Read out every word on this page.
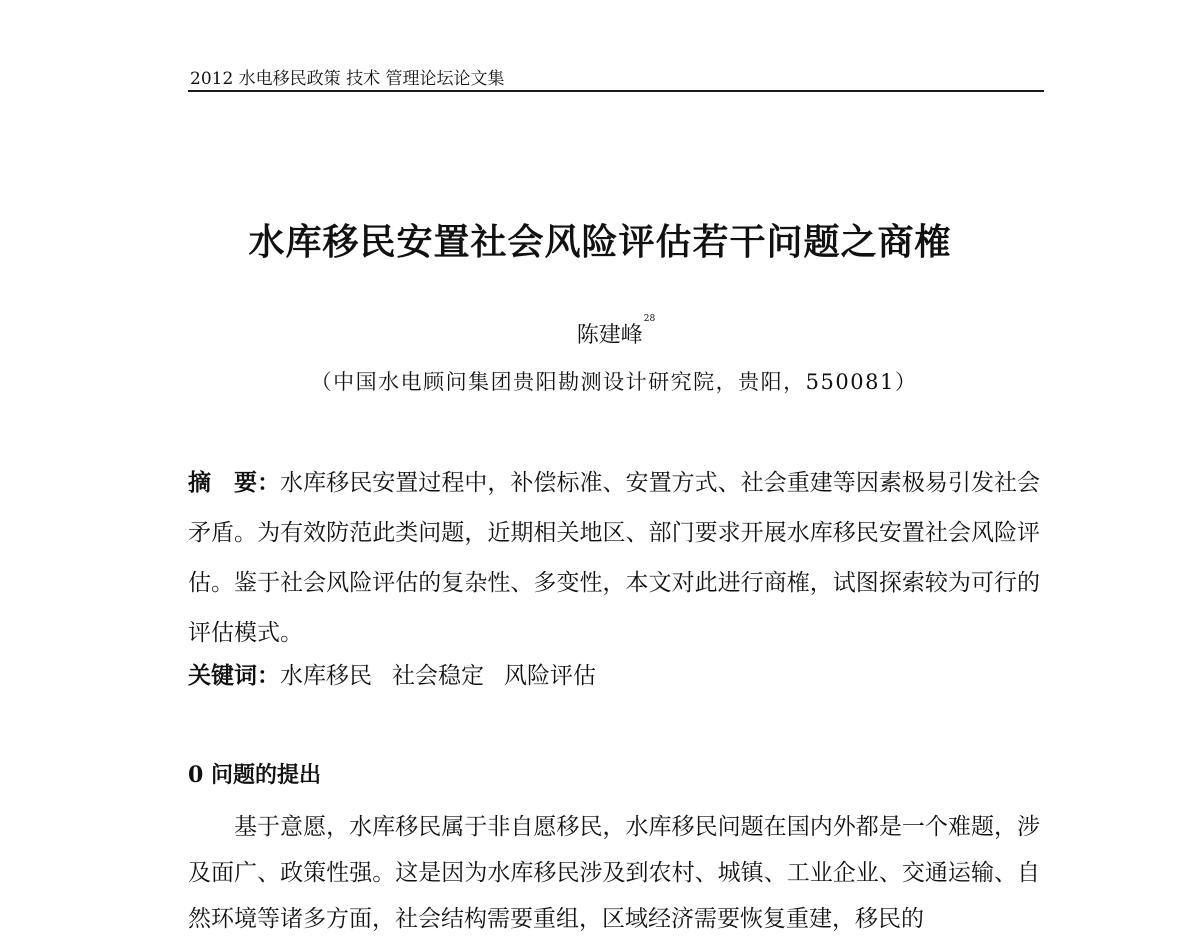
2012 水电移民政策 技术 管理论坛论文集
水库移民安置社会风险评估若干问题之商榷
陈建峰$^{28}$
（中国水电顾问集团贵阳勘测设计研究院，贵阳，550081）
摘　要：水库移民安置过程中，补偿标准、安置方式、社会重建等因素极易引发社会矛盾。为有效防范此类问题，近期相关地区、部门要求开展水库移民安置社会风险评估。鉴于社会风险评估的复杂性、多变性，本文对此进行商榷，试图探索较为可行的评估模式。
关键词：水库移民 社会稳定 风险评估
0 问题的提出
基于意愿，水库移民属于非自愿移民，水库移民问题在国内外都是一个难题，涉及面广、政策性强。这是因为水库移民涉及到农村、城镇、工业企业、交通运输、自然环境等诸多方面，社会结构需要重组，区域经济需要恢复重建，移民的
